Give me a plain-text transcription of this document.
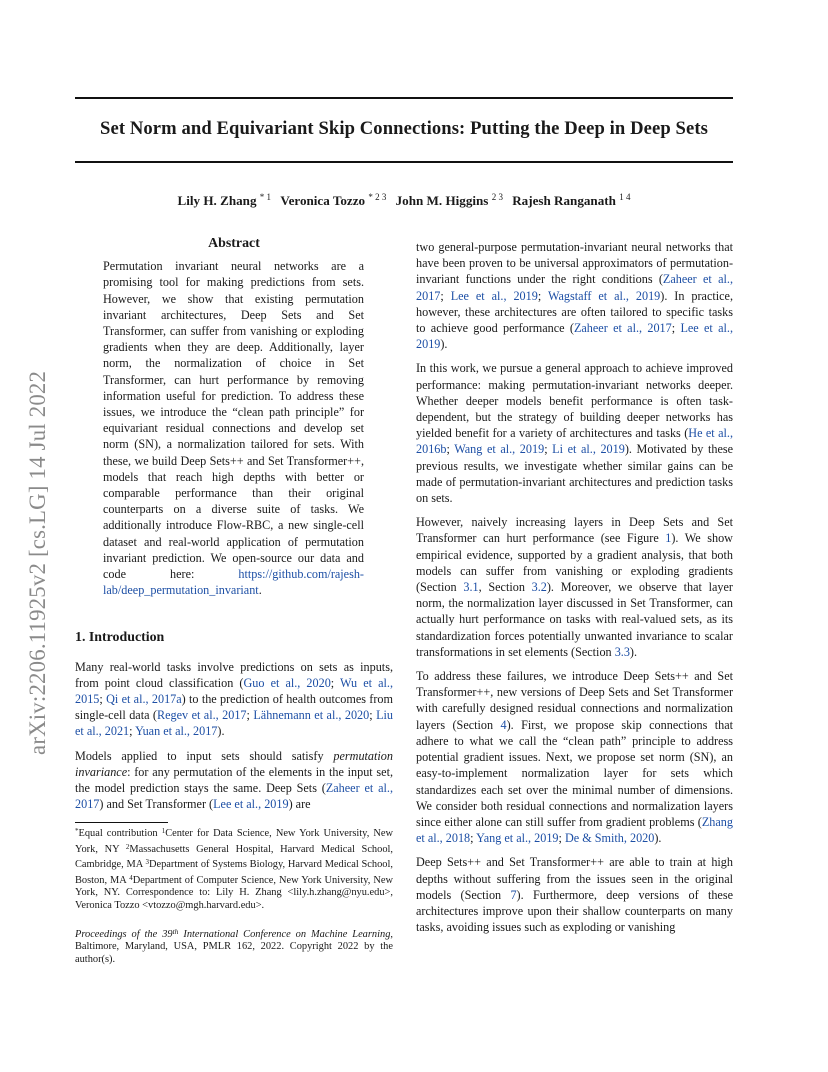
Set Norm and Equivariant Skip Connections: Putting the Deep in Deep Sets
Lily H. Zhang $^{* 1}$ Veronica Tozzo $^{* 2 3}$ John M. Higgins $^{2 3}$ Rajesh Ranganath $^{1 4}$
arXiv:2206.11925v2 [cs.LG] 14 Jul 2022
Abstract
Permutation invariant neural networks are a promising tool for making predictions from sets. However, we show that existing permutation invariant architectures, Deep Sets and Set Transformer, can suffer from vanishing or exploding gradients when they are deep. Additionally, layer norm, the normalization of choice in Set Transformer, can hurt performance by removing information useful for prediction. To address these issues, we introduce the “clean path principle” for equivariant residual connections and develop set norm (SN), a normalization tailored for sets. With these, we build Deep Sets++ and Set Transformer++, models that reach high depths with better or comparable performance than their original counterparts on a diverse suite of tasks. We additionally introduce Flow-RBC, a new single-cell dataset and real-world application of permutation invariant prediction. We open-source our data and code here: https://github.com/rajesh-lab/deep_permutation_invariant.
1. Introduction

Many real-world tasks involve predictions on sets as inputs, from point cloud classification (Guo et al., 2020; Wu et al., 2015; Qi et al., 2017a) to the prediction of health outcomes from single-cell data (Regev et al., 2017; Lähnemann et al., 2020; Liu et al., 2021; Yuan et al., 2017).

Models applied to input sets should satisfy permutation invariance: for any permutation of the elements in the input set, the model prediction stays the same. Deep Sets (Zaheer et al., 2017) and Set Transformer (Lee et al., 2019) are

*Equal contribution $^1$Center for Data Science, New York University, New York, NY $^2$Massachusetts General Hospital, Harvard Medical School, Cambridge, MA $^3$Department of Systems Biology, Harvard Medical School, Boston, MA $^4$Department of Computer Science, New York University, New York, NY. Correspondence to: Lily H. Zhang <lily.h.zhang@nyu.edu>, Veronica Tozzo <vtozzo@mgh.harvard.edu>.

Proceedings of the 39th International Conference on Machine Learning, Baltimore, Maryland, USA, PMLR 162, 2022. Copyright 2022 by the author(s).

two general-purpose permutation-invariant neural networks that have been proven to be universal approximators of permutation-invariant functions under the right conditions (Zaheer et al., 2017; Lee et al., 2019; Wagstaff et al., 2019). In practice, however, these architectures are often tailored to specific tasks to achieve good performance (Zaheer et al., 2017; Lee et al., 2019).

In this work, we pursue a general approach to achieve improved performance: making permutation-invariant networks deeper. Whether deeper models benefit performance is often task-dependent, but the strategy of building deeper networks has yielded benefit for a variety of architectures and tasks (He et al., 2016b; Wang et al., 2019; Li et al., 2019). Motivated by these previous results, we investigate whether similar gains can be made of permutation-invariant architectures and prediction tasks on sets.

However, naively increasing layers in Deep Sets and Set Transformer can hurt performance (see Figure 1). We show empirical evidence, supported by a gradient analysis, that both models can suffer from vanishing or exploding gradients (Section 3.1, Section 3.2). Moreover, we observe that layer norm, the normalization layer discussed in Set Transformer, can actually hurt performance on tasks with real-valued sets, as its standardization forces potentially unwanted invariance to scalar transformations in set elements (Section 3.3).

To address these failures, we introduce Deep Sets++ and Set Transformer++, new versions of Deep Sets and Set Transformer with carefully designed residual connections and normalization layers (Section 4). First, we propose skip connections that adhere to what we call the “clean path” principle to address potential gradient issues. Next, we propose set norm (SN), an easy-to-implement normalization layer for sets which standardizes each set over the minimal number of dimensions. We consider both residual connections and normalization layers since either alone can still suffer from gradient problems (Zhang et al., 2018; Yang et al., 2019; De & Smith, 2020).

Deep Sets++ and Set Transformer++ are able to train at high depths without suffering from the issues seen in the original models (Section 7). Furthermore, deep versions of these architectures improve upon their shallow counterparts on many tasks, avoiding issues such as exploding or vanishing
